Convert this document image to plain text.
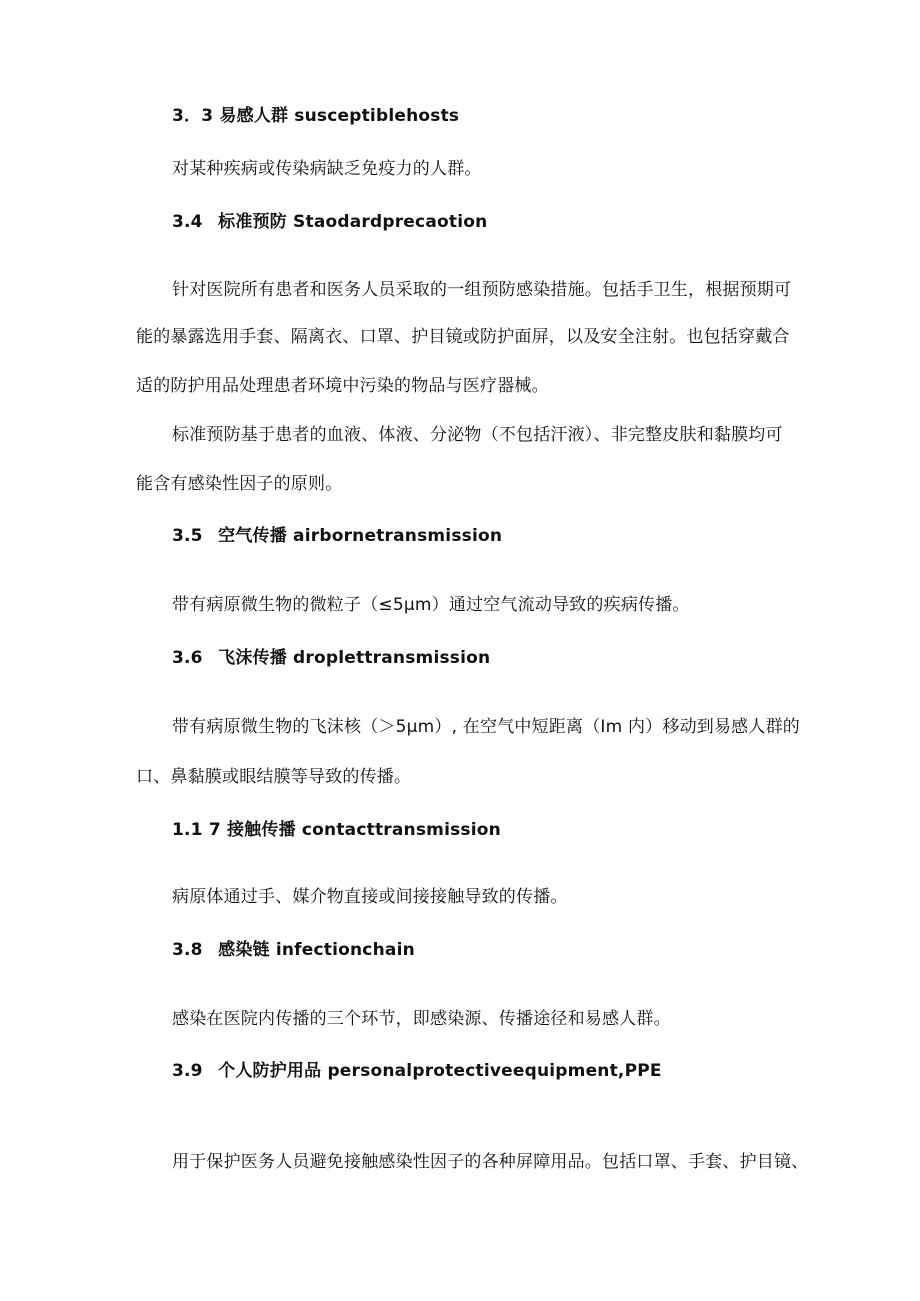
3．3 易感人群 susceptiblehosts
对某种疾病或传染病缺乏免疫力的人群。
3.4 标准预防 Staodardprecaotion
针对医院所有患者和医务人员采取的一组预防感染措施。包括手卫生，根据预期可
能的暴露选用手套、隔离衣、口罩、护目镜或防护面屏，以及安全注射。也包括穿戴合
适的防护用品处理患者环境中污染的物品与医疗器械。
标准预防基于患者的血液、体液、分泌物（不包括汗液）、非完整皮肤和黏膜均可
能含有感染性因子的原则。
3.5 空气传播 airbornetransmission
带有病原微生物的微粒子（≤5μm）通过空气流动导致的疾病传播。
3.6 飞沫传播 droplettransmission
带有病原微生物的飞沫核（＞5μm）, 在空气中短距离（Im 内）移动到易感人群的
口、鼻黏膜或眼结膜等导致的传播。
1.1 7 接触传播 contacttransmission
病原体通过手、媒介物直接或间接接触导致的传播。
3.8 感染链 infectionchain
感染在医院内传播的三个环节，即感染源、传播途径和易感人群。
3.9 个人防护用品 personalprotectiveequipment,PPE
用于保护医务人员避免接触感染性因子的各种屏障用品。包括口罩、手套、护目镜、
